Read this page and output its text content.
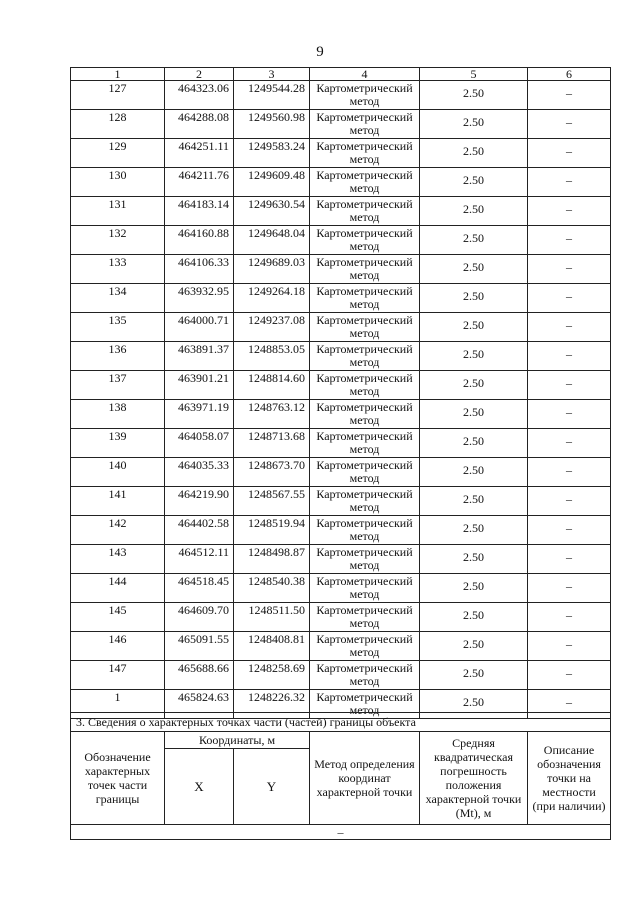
9
1	2	3	4	5	6
127	464323.06	1249544.28	Картометрический метод	2.50	–
128	464288.08	1249560.98	Картометрический метод	2.50	–
129	464251.11	1249583.24	Картометрический метод	2.50	–
130	464211.76	1249609.48	Картометрический метод	2.50	–
131	464183.14	1249630.54	Картометрический метод	2.50	–
132	464160.88	1249648.04	Картометрический метод	2.50	–
133	464106.33	1249689.03	Картометрический метод	2.50	–
134	463932.95	1249264.18	Картометрический метод	2.50	–
135	464000.71	1249237.08	Картометрический метод	2.50	–
136	463891.37	1248853.05	Картометрический метод	2.50	–
137	463901.21	1248814.60	Картометрический метод	2.50	–
138	463971.19	1248763.12	Картометрический метод	2.50	–
139	464058.07	1248713.68	Картометрический метод	2.50	–
140	464035.33	1248673.70	Картометрический метод	2.50	–
141	464219.90	1248567.55	Картометрический метод	2.50	–
142	464402.58	1248519.94	Картометрический метод	2.50	–
143	464512.11	1248498.87	Картометрический метод	2.50	–
144	464518.45	1248540.38	Картометрический метод	2.50	–
145	464609.70	1248511.50	Картометрический метод	2.50	–
146	465091.55	1248408.81	Картометрический метод	2.50	–
147	465688.66	1248258.69	Картометрический метод	2.50	–
1	465824.63	1248226.32	Картометрический метод	2.50	–
3. Сведения о характерных точках части (частей) границы объекта					
Обозначение характерных точек части границы	Координаты, м		Метод определения координат характерной точки	Средняя квадратическая погрешность положения характерной точки (Mt), м	Описание обозначения точки на местности (при наличии)
	X	Y			
–					
